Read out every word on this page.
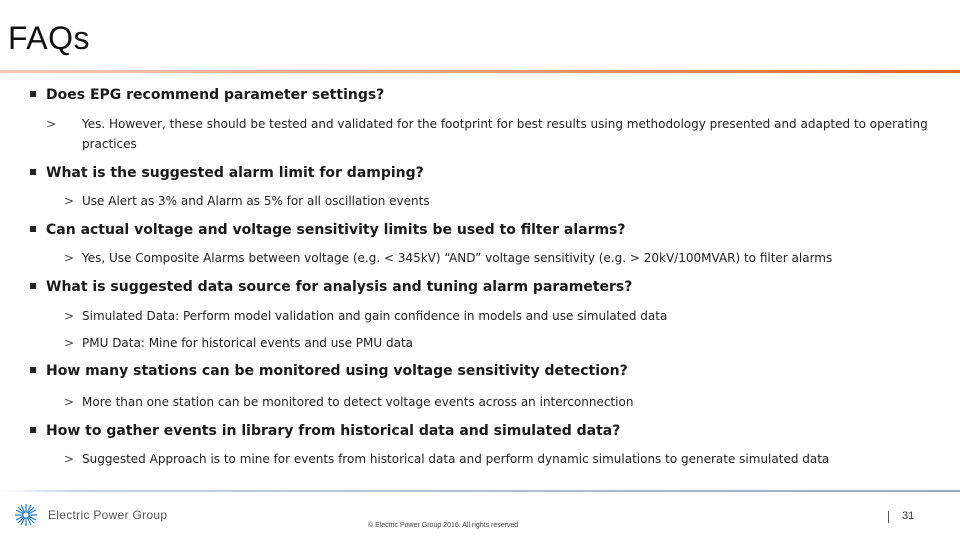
FAQs
Does EPG recommend parameter settings?
> Yes. However, these should be tested and validated for the footprint for best results using methodology presented and adapted to operating practices
What is the suggested alarm limit for damping?
> Use Alert as 3% and Alarm as 5% for all oscillation events
Can actual voltage and voltage sensitivity limits be used to filter alarms?
> Yes, Use Composite Alarms between voltage (e.g. < 345kV) “AND” voltage sensitivity (e.g. > 20kV/100MVAR) to filter alarms
What is suggested data source for analysis and tuning alarm parameters?
> Simulated Data: Perform model validation and gain confidence in models and use simulated data
> PMU Data: Mine for historical events and use PMU data
How many stations can be monitored using voltage sensitivity detection?
> More than one station can be monitored to detect voltage events across an interconnection
How to gather events in library from historical data and simulated data?
> Suggested Approach is to mine for events from historical data and perform dynamic simulations to generate simulated data
Electric Power Group
© Electric Power Group 2016. All rights reserved
31
